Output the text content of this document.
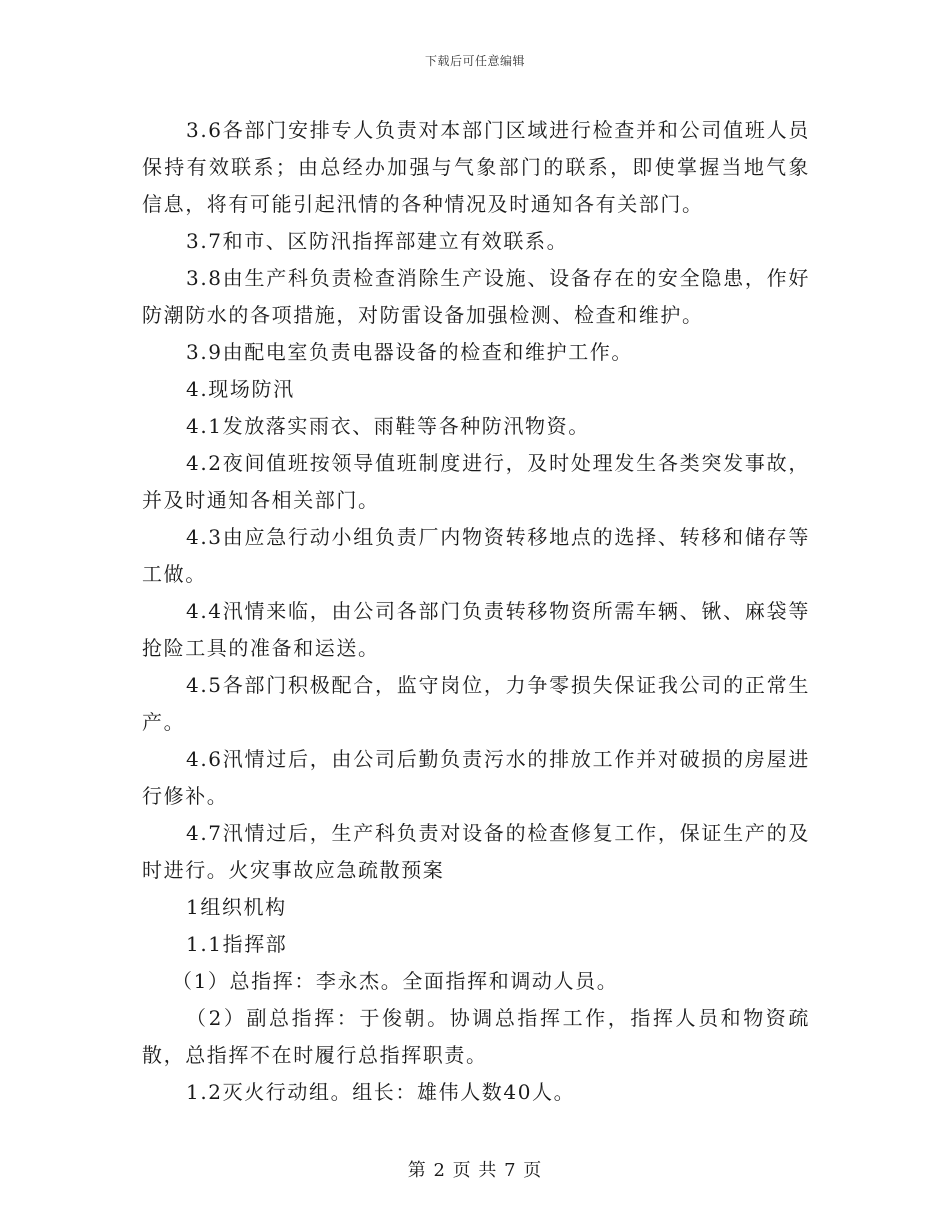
下载后可任意编辑

3.6各部门安排专人负责对本部门区域进行检查并和公司值班人员保持有效联系；由总经办加强与气象部门的联系，即使掌握当地气象信息，将有可能引起汛情的各种情况及时通知各有关部门。

3.7和市、区防汛指挥部建立有效联系。

3.8由生产科负责检查消除生产设施、设备存在的安全隐患，作好防潮防水的各项措施，对防雷设备加强检测、检查和维护。

3.9由配电室负责电器设备的检查和维护工作。

4.现场防汛

4.1发放落实雨衣、雨鞋等各种防汛物资。

4.2夜间值班按领导值班制度进行，及时处理发生各类突发事故，并及时通知各相关部门。

4.3由应急行动小组负责厂内物资转移地点的选择、转移和储存等工做。

4.4汛情来临，由公司各部门负责转移物资所需车辆、锹、麻袋等抢险工具的准备和运送。

4.5各部门积极配合，监守岗位，力争零损失保证我公司的正常生产。

4.6汛情过后，由公司后勤负责污水的排放工作并对破损的房屋进行修补。

4.7汛情过后，生产科负责对设备的检查修复工作，保证生产的及时进行。火灾事故应急疏散预案

1组织机构

1.1指挥部

（1）总指挥：李永杰。全面指挥和调动人员。

（2）副总指挥：于俊朝。协调总指挥工作，指挥人员和物资疏散，总指挥不在时履行总指挥职责。

1.2灭火行动组。组长：雄伟人数40人。

第 2 页 共 7 页
